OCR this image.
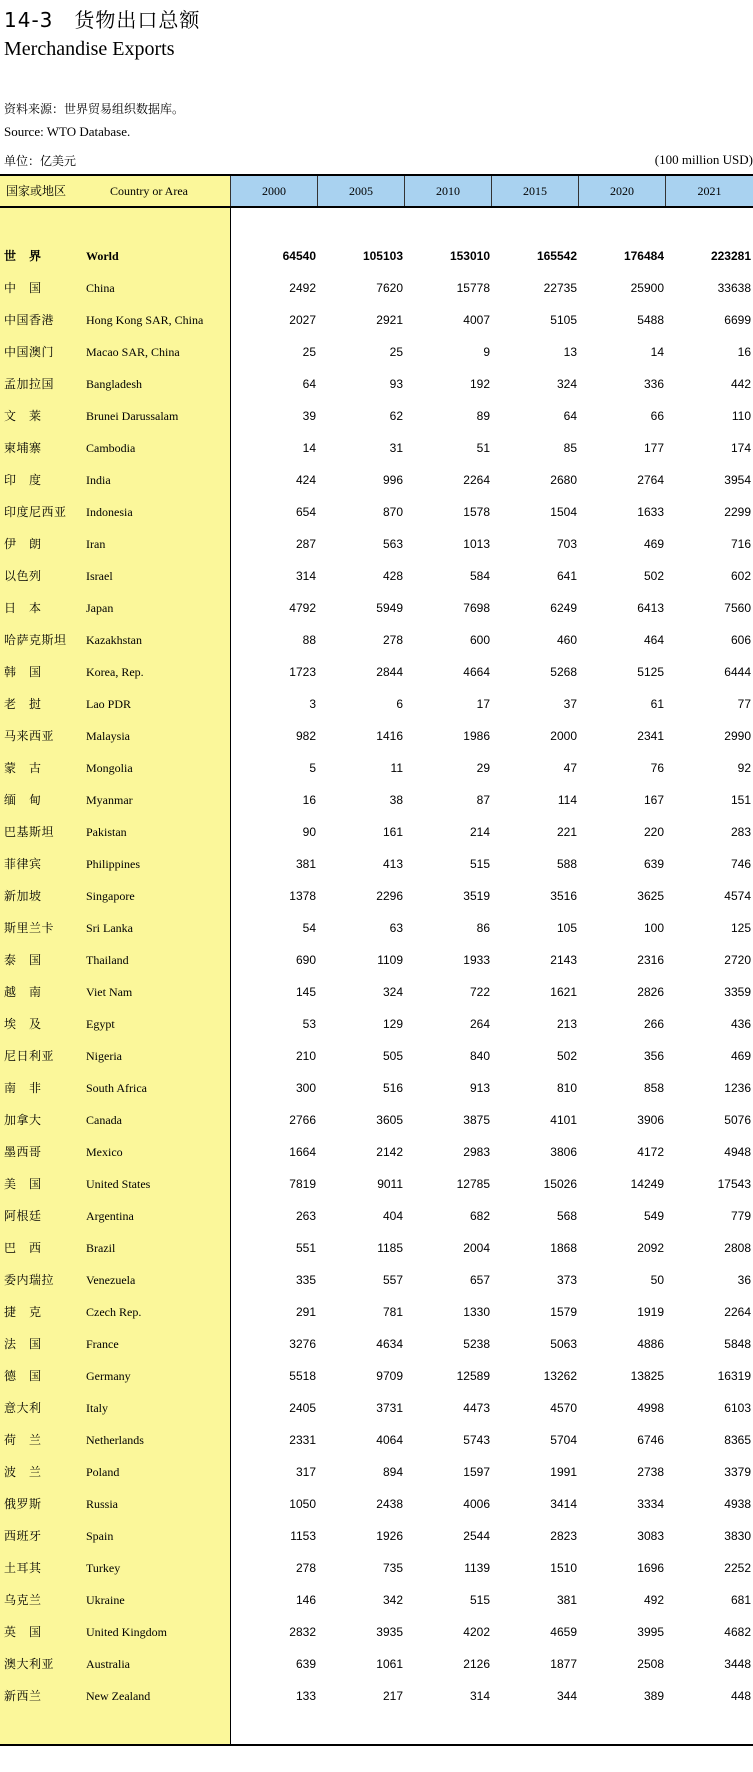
14-3　货物出口总额
Merchandise Exports
资料来源：世界贸易组织数据库。
Source: WTO Database.
单位：亿美元	(100 million USD)
国家或地区	Country or Area	2000	2005	2010	2015	2020	2021
世　界	World	64540	105103	153010	165542	176484	223281
中　国	China	2492	7620	15778	22735	25900	33638
中国香港	Hong Kong SAR, China	2027	2921	4007	5105	5488	6699
中国澳门	Macao SAR, China	25	25	9	13	14	16
孟加拉国	Bangladesh	64	93	192	324	336	442
文　莱	Brunei Darussalam	39	62	89	64	66	110
柬埔寨	Cambodia	14	31	51	85	177	174
印　度	India	424	996	2264	2680	2764	3954
印度尼西亚 Indonesia	654	870	1578	1504	1633	2299
伊　朗	Iran	287	563	1013	703	469	716
以色列	Israel	314	428	584	641	502	602
日　本	Japan	4792	5949	7698	6249	6413	7560
哈萨克斯坦 Kazakhstan	88	278	600	460	464	606
韩　国	Korea, Rep.	1723	2844	4664	5268	5125	6444
老　挝	Lao PDR	3	6	17	37	61	77
马来西亚	Malaysia	982	1416	1986	2000	2341	2990
蒙　古	Mongolia	5	11	29	47	76	92
缅　甸	Myanmar	16	38	87	114	167	151
巴基斯坦	Pakistan	90	161	214	221	220	283
菲律宾	Philippines	381	413	515	588	639	746
新加坡	Singapore	1378	2296	3519	3516	3625	4574
斯里兰卡	Sri Lanka	54	63	86	105	100	125
泰　国	Thailand	690	1109	1933	2143	2316	2720
越　南	Viet Nam	145	324	722	1621	2826	3359
埃　及	Egypt	53	129	264	213	266	436
尼日利亚	Nigeria	210	505	840	502	356	469
南　非	South Africa	300	516	913	810	858	1236
加拿大	Canada	2766	3605	3875	4101	3906	5076
墨西哥	Mexico	1664	2142	2983	3806	4172	4948
美　国	United States	7819	9011	12785	15026	14249	17543
阿根廷	Argentina	263	404	682	568	549	779
巴　西	Brazil	551	1185	2004	1868	2092	2808
委内瑞拉	Venezuela	335	557	657	373	50	36
捷　克	Czech Rep.	291	781	1330	1579	1919	2264
法　国	France	3276	4634	5238	5063	4886	5848
德　国	Germany	5518	9709	12589	13262	13825	16319
意大利	Italy	2405	3731	4473	4570	4998	6103
荷　兰	Netherlands	2331	4064	5743	5704	6746	8365
波　兰	Poland	317	894	1597	1991	2738	3379
俄罗斯	Russia	1050	2438	4006	3414	3334	4938
西班牙	Spain	1153	1926	2544	2823	3083	3830
土耳其	Turkey	278	735	1139	1510	1696	2252
乌克兰	Ukraine	146	342	515	381	492	681
英　国	United Kingdom	2832	3935	4202	4659	3995	4682
澳大利亚	Australia	639	1061	2126	1877	2508	3448
新西兰	New Zealand	133	217	314	344	389	448
